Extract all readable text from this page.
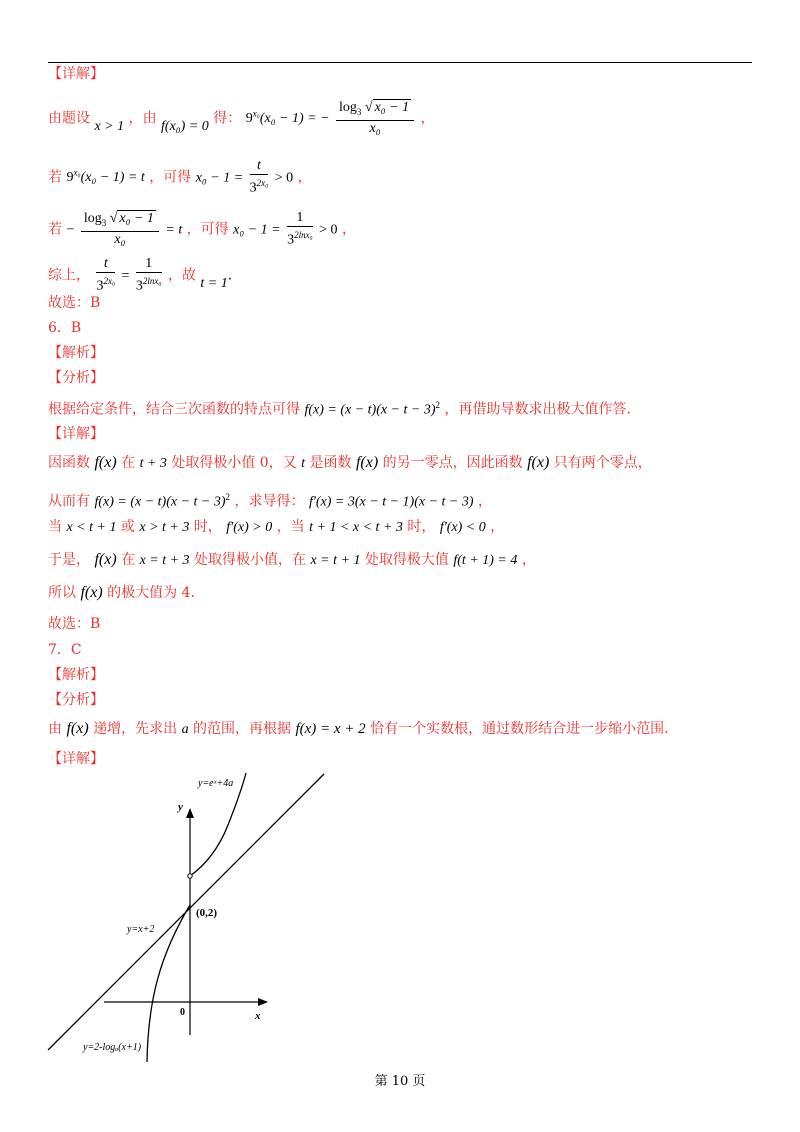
【详解】
由题设 x > 1 ，由 f(x₀) = 0 得： $9^{x_0}(x_0 - 1)$ = − $\frac{\log_3 √ x_0 - 1}{\text{x₀}}$ ，
若 $9^{x_0}(x_0 - 1) = t$ ，可得 $x_0 - 1 = \frac{t}{3^{2x_0}} > 0$ ，
若 − $\frac{\log_3 √ x_0 - 1}{\text{x₀}} = t$ ，可得 $x_0 - 1 = \frac{1}{3^{2lnx_0}} > 0$ ，
综上， $\frac{t}{3^{2x_0}} = \frac{1}{3^{2lnx_0}}$ ，故 t = 1.
故选：B
6．B
【解析】
【分析】
根据给定条件，结合三次函数的特点可得 $f(x) = (x - t)(x - t - 3)^2$ ，再借助导数求出极大值作答.
【详解】
因函数 f(x) 在 t + 3 处取得极小值 0，又 t 是函数 f(x) 的另一零点，因此函数 f(x) 只有两个零点，
从而有 $f(x) = (x - t)(x - t - 3)^2$ ，求导得： f′(x) = 3(x − t − 1)(x − t − 3) ，
当 x < t + 1 或 x > t + 3 时， f′(x) > 0 ，当 t + 1 < x < t + 3 时， f′(x) < 0 ，
于是， f(x) 在 x = t + 3 处取得极小值，在 x = t + 1 处取得极大值 f(t + 1) = 4 ，
所以 f(x) 的极大值为 4.
故选：B
7．C
【解析】
【分析】
由 f(x) 递增，先求出 a 的范围，再根据 f(x) = x + 2 恰有一个实数根，通过数形结合进一步缩小范围.
【详解】
y=eˣ+4a
y=x+2
(0,2)
y=2-logₐ(x+1)
y
x
0
第 10 页
